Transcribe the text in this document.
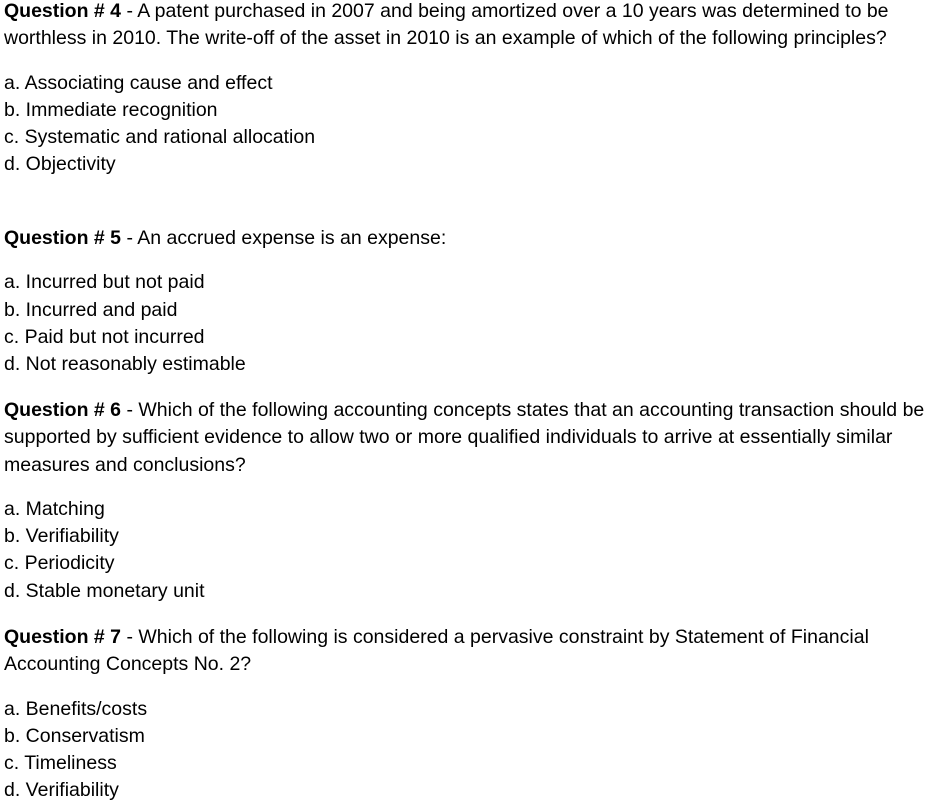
Question # 4 - A patent purchased in 2007 and being amortized over a 10 years was determined to be worthless in 2010. The write-off of the asset in 2010 is an example of which of the following principles?

a. Associating cause and effect
b. Immediate recognition
c. Systematic and rational allocation
d. Objectivity

Question # 5 - An accrued expense is an expense:

a. Incurred but not paid
b. Incurred and paid
c. Paid but not incurred
d. Not reasonably estimable

Question # 6 - Which of the following accounting concepts states that an accounting transaction should be supported by sufficient evidence to allow two or more qualified individuals to arrive at essentially similar measures and conclusions?

a. Matching
b. Verifiability
c. Periodicity
d. Stable monetary unit

Question # 7 - Which of the following is considered a pervasive constraint by Statement of Financial Accounting Concepts No. 2?

a. Benefits/costs
b. Conservatism
c. Timeliness
d. Verifiability
